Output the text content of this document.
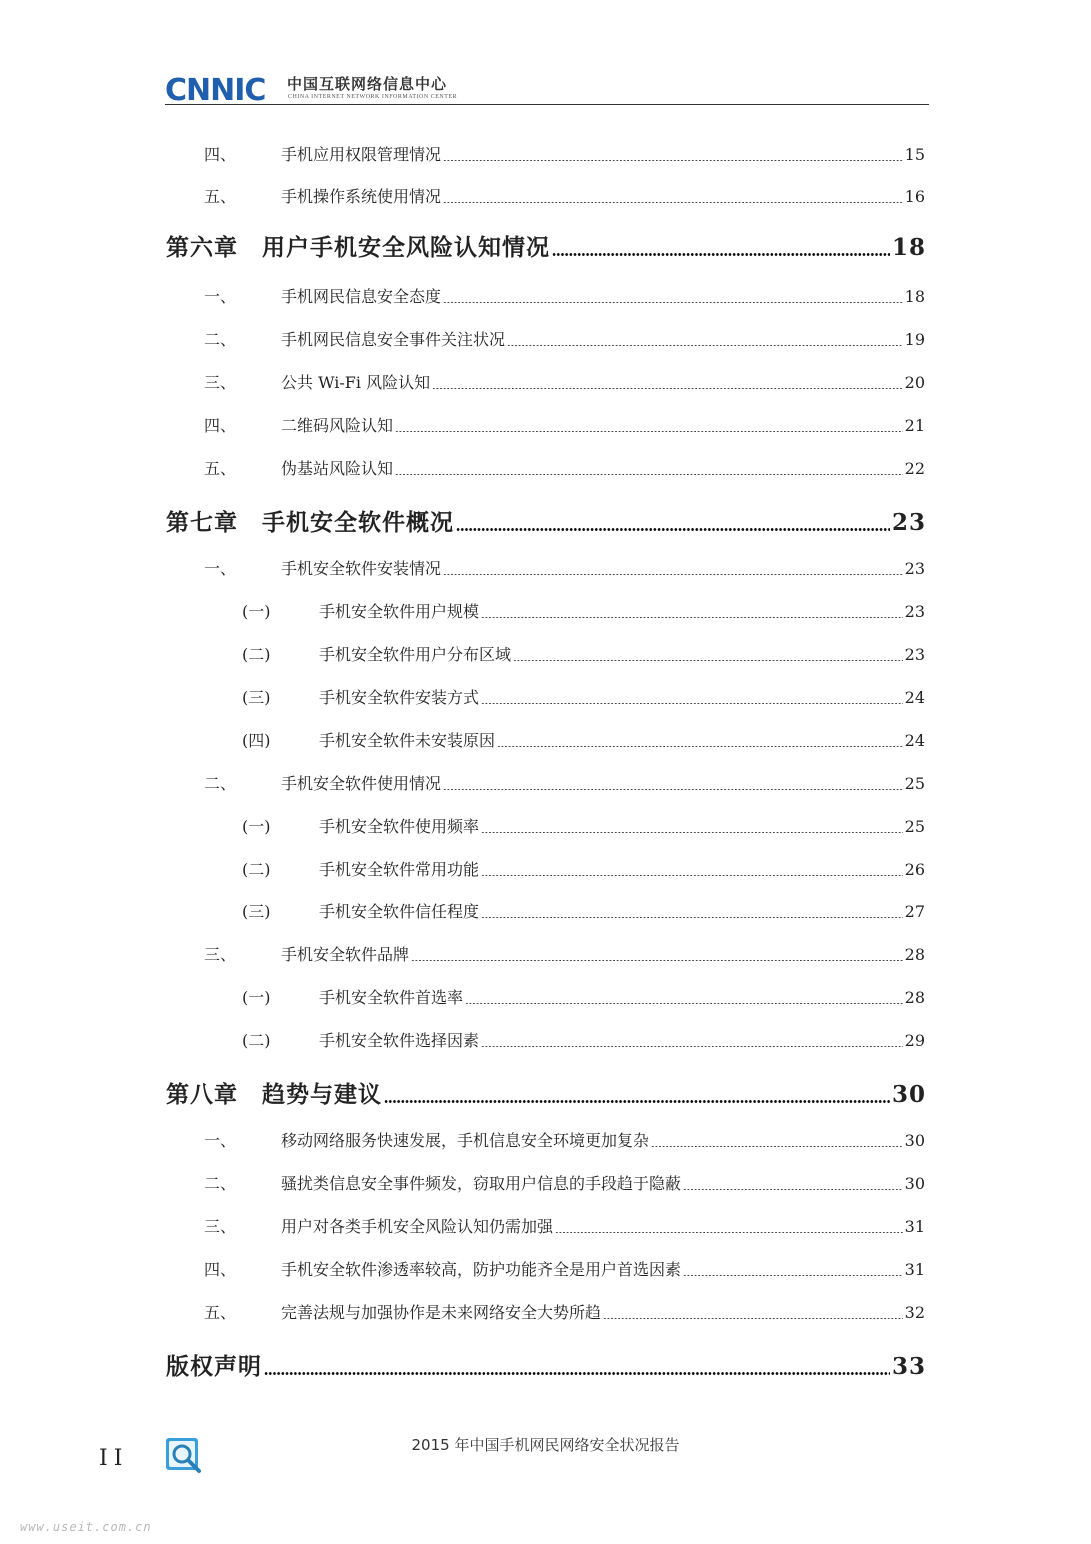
CNNIC 中国互联网络信息中心
CHINA INTERNET NETWORK INFORMATION CENTER
四、	手机应用权限管理情况	15
五、	手机操作系统使用情况	16
第六章	用户手机安全风险认知情况	18
一、	手机网民信息安全态度	18
二、	手机网民信息安全事件关注状况	19
三、	公共 Wi-Fi 风险认知	20
四、	二维码风险认知	21
五、	伪基站风险认知	22
第七章	手机安全软件概况	23
一、	手机安全软件安装情况	23
(一)	手机安全软件用户规模	23
(二)	手机安全软件用户分布区域	23
(三)	手机安全软件安装方式	24
(四)	手机安全软件未安装原因	24
二、	手机安全软件使用情况	25
(一)	手机安全软件使用频率	25
(二)	手机安全软件常用功能	26
(三)	手机安全软件信任程度	27
三、	手机安全软件品牌	28
(一)	手机安全软件首选率	28
(二)	手机安全软件选择因素	29
第八章	趋势与建议	30
一、	移动网络服务快速发展，手机信息安全环境更加复杂	30
二、	骚扰类信息安全事件频发，窃取用户信息的手段趋于隐蔽	30
三、	用户对各类手机安全风险认知仍需加强	31
四、	手机安全软件渗透率较高，防护功能齐全是用户首选因素	31
五、	完善法规与加强协作是未来网络安全大势所趋	32
版权声明	33
II
2015 年中国手机网民网络安全状况报告
www.useit.com.cn
